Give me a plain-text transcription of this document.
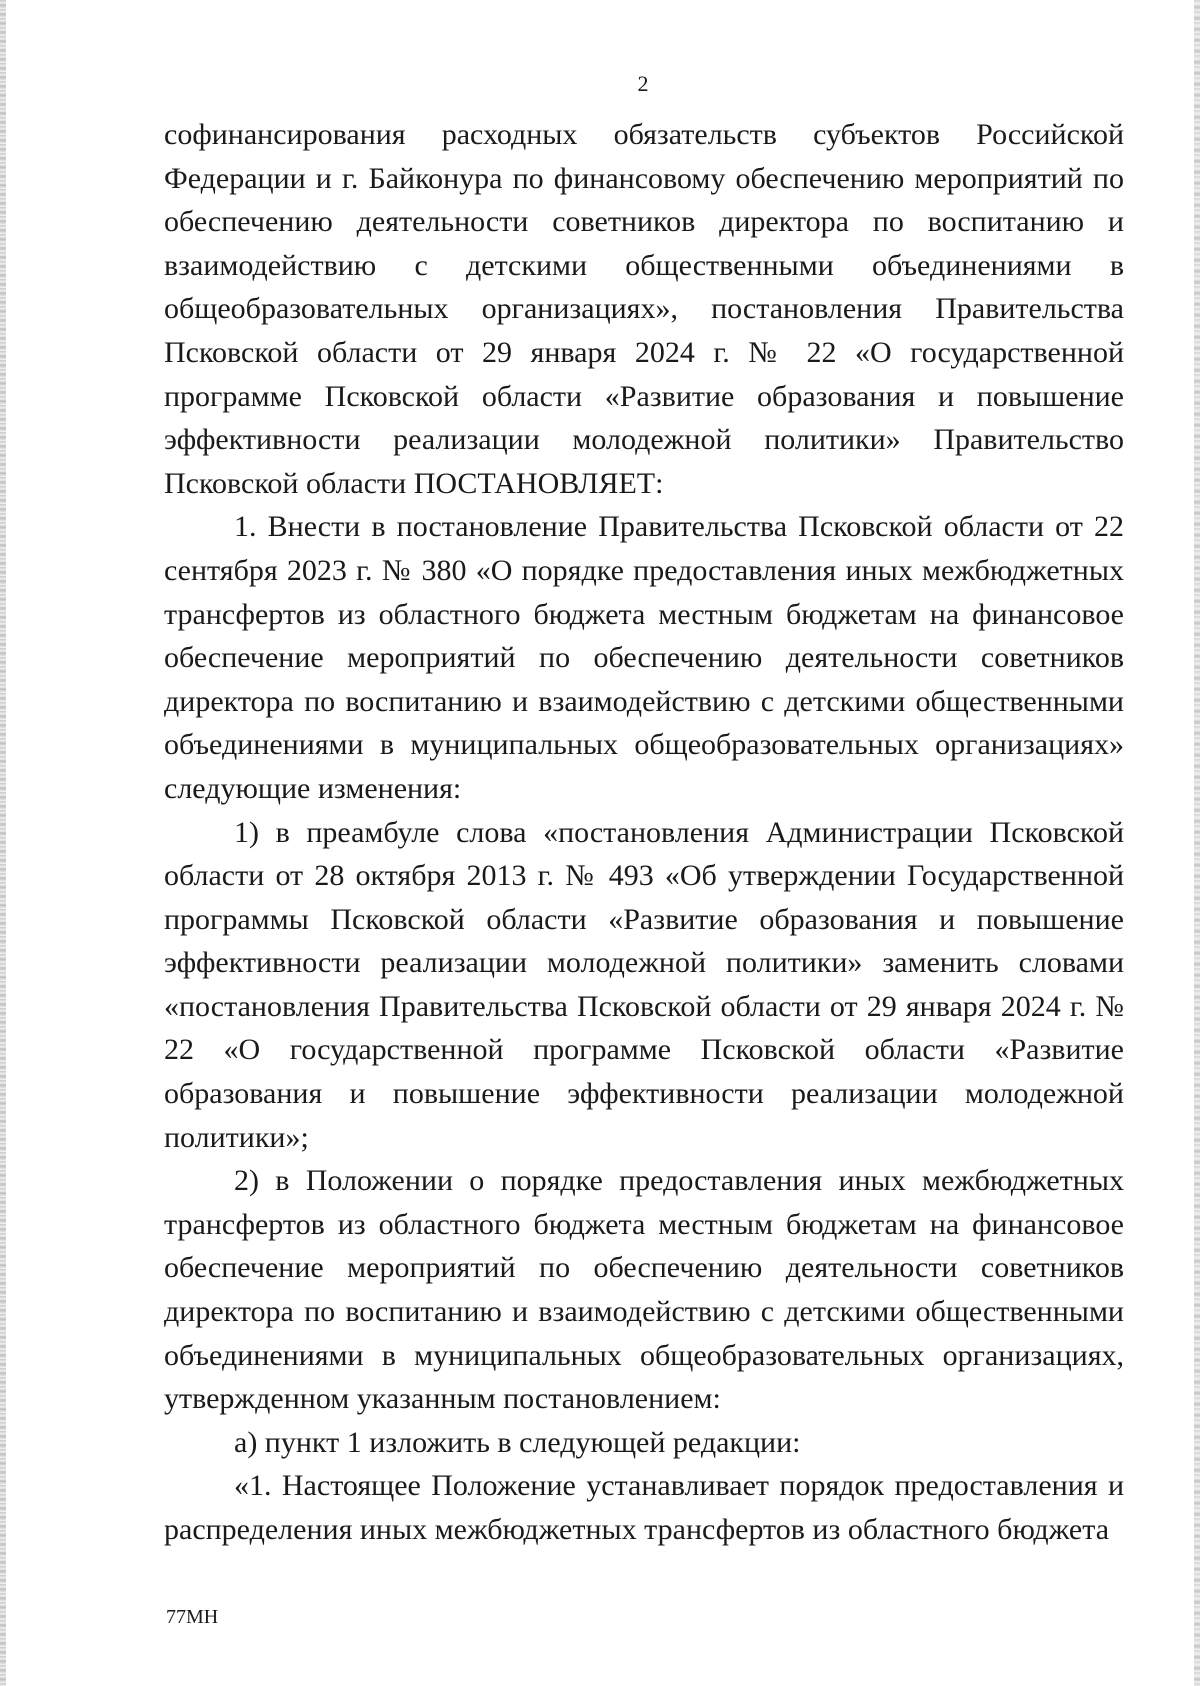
2

софинансирования расходных обязательств субъектов Российской Федерации и г. Байконура по финансовому обеспечению мероприятий по обеспечению деятельности советников директора по воспитанию и взаимодействию с детскими общественными объединениями в общеобразовательных организациях», постановления Правительства Псковской области от 29 января 2024 г. № 22 «О государственной программе Псковской области «Развитие образования и повышение эффективности реализации молодежной политики» Правительство Псковской области ПОСТАНОВЛЯЕТ:

1. Внести в постановление Правительства Псковской области от 22 сентября 2023 г. № 380 «О порядке предоставления иных межбюджетных трансфертов из областного бюджета местным бюджетам на финансовое обеспечение мероприятий по обеспечению деятельности советников директора по воспитанию и взаимодействию с детскими общественными объединениями в муниципальных общеобразовательных организациях» следующие изменения:

1) в преамбуле слова «постановления Администрации Псковской области от 28 октября 2013 г. № 493 «Об утверждении Государственной программы Псковской области «Развитие образования и повышение эффективности реализации молодежной политики» заменить словами «постановления Правительства Псковской области от 29 января 2024 г. № 22 «О государственной программе Псковской области «Развитие образования и повышение эффективности реализации молодежной политики»;

2) в Положении о порядке предоставления иных межбюджетных трансфертов из областного бюджета местным бюджетам на финансовое обеспечение мероприятий по обеспечению деятельности советников директора по воспитанию и взаимодействию с детскими общественными объединениями в муниципальных общеобразовательных организациях, утвержденном указанным постановлением:

а) пункт 1 изложить в следующей редакции:

«1. Настоящее Положение устанавливает порядок предоставления и распределения иных межбюджетных трансфертов из областного бюджета

77МН
